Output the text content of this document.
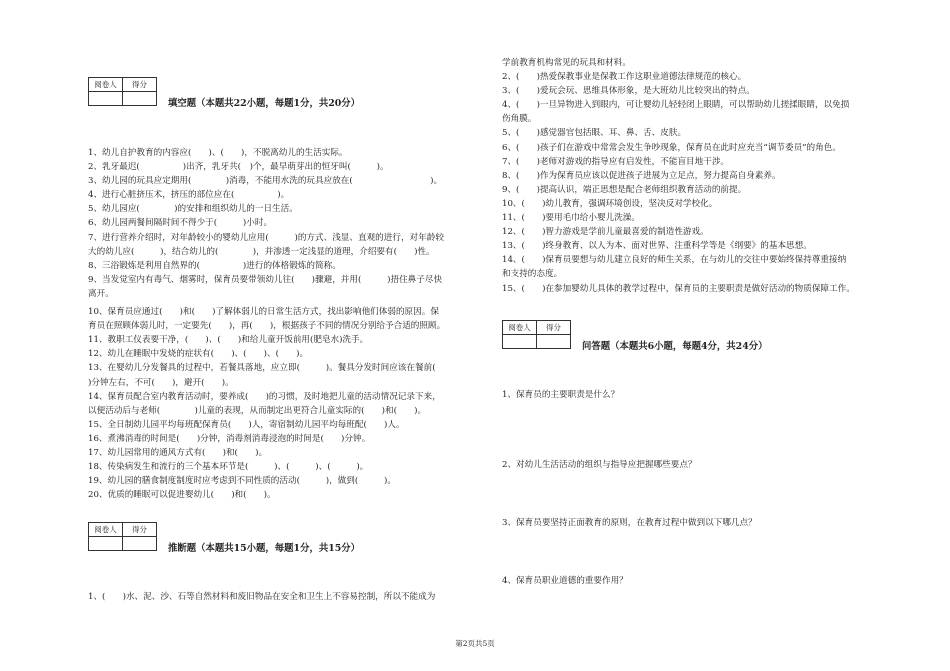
阅卷人	得分

填空题（本题共22小题，每题1分，共20分）
1、幼儿自护教育的内容应(　　)、(　　)，不脱离幼儿的生活实际。
2、乳牙最迟(　　　　　)出齐，乳牙共(　)个，最早萌芽出的恒牙叫(　　　)。
3、幼儿园的玩具应定期用(　　　　)消毒，不能用水洗的玩具应放在(　　　　　　　　　)。
4、进行心脏挤压术，挤压的部位应在(　　　　　)。
5、幼儿园应(　　　　)的安排和组织幼儿的一日生活。
6、幼儿园两餐间隔时间不得少于(　　　)小时。
7、进行营养介绍时，对年龄较小的婴幼儿应用(　　　)的方式、浅显、直观的进行，对年龄较
大的幼儿应(　　　)，结合幼儿的(　　　　)，并渗透一定浅显的道理，介绍要有(　　)性。
8、三浴锻炼是利用自然界的(　　　　　)进行的体格锻炼的简称。
9、当发觉室内有毒气、烟雾时，保育员要带领幼儿往(　　)骤避，并用(　　　)捂住鼻子尽快
离开。
10、保育员应通过(　　)和(　　)了解体弱儿的日常生活方式，找出影响他们体弱的原因。保
育员在照顾体弱儿时，一定要先(　　)，再(　　)，根据孩子不同的情况分别给予合适的照顾。
11、教职工仪表要干净，(　　)、(　　)和给儿童开饭前用(肥皂水)洗手。
12、幼儿在睡眠中发烧的症状有(　　)、(　　)、(　　)。
13、在婴幼儿分发餐具的过程中，若餐具落地，应立即(　　　)。餐具分发时间应该在餐前(　　
)分钟左右，不可(　　)，避开(　　)。
14、保育员配合室内教育活动时，要养成(　　)的习惯，及时地把儿童的活动情况记录下来，
以便活动后与老师(　　　　)儿童的表现，从而制定出更符合儿童实际的(　　)和(　　)。
15、全日制幼儿园平均每班配保育员(　　)人，寄宿制幼儿园平均每班配(　　)人。
16、煮沸消毒的时间是(　　)分钟，消毒剂消毒浸泡的时间是(　　)分钟。
17、幼儿园常用的通风方式有(　　)和(　　)。
18、传染病发生和流行的三个基本环节是(　　　)、(　　　)、(　　　)。
19、幼儿园的膳食制度制度时应考虑到不同性质的活动(　　　)，做到(　　　)。
20、优质的睡眠可以促进婴幼儿(　　)和(　　)。
阅卷人	得分

推断题（本题共15小题，每题1分，共15分）
1、(　　)水、泥、沙、石等自然材料和废旧物品在安全和卫生上不容易控制，所以不能成为
学前教育机构常见的玩具和材料。
2、(　　)热爱保教事业是保教工作这职业道德法律规范的核心。
3、(　　)爱玩会玩、思维具体形象，是大班幼儿比较突出的特点。
4、(　　)一旦异物进入到眼内，可让婴幼儿轻轻闭上眼睛，可以帮助幼儿搓揉眼睛，以免损
伤角膜。
5、(　　)感觉器官包括眼、耳、鼻、舌、皮肤。
6、(　　)孩子们在游戏中常常会发生争吵现象，保育员在此时应充当“调节委员”的角色。
7、(　　)老师对游戏的指导应有启发性，不能盲目地干涉。
8、(　　)作为保育员应该以促进孩子进展为立足点，努力提高自身素养。
9、(　　)提高认识，端正思想是配合老师组织教育活动的前提。
10、(　　)幼儿教育，强调环境创设，坚决反对学校化。
11、(　　)要用毛巾给小婴儿洗澡。
12、(　　)智力游戏是学前儿童最喜爱的制造性游戏。
13、(　　)终身教育、以人为本、面对世界、注重科学等是《纲要》的基本思想。
14、(　　)保育员要想与幼儿建立良好的师生关系，在与幼儿的交往中要始终保持尊重接纳
和支持的态度。
15、(　　)在参加婴幼儿具体的教学过程中，保育员的主要职责是做好活动的物质保障工作。
阅卷人	得分

问答题（本题共6小题，每题4分，共24分）
1、保育员的主要职责是什么？
2、对幼儿生活活动的组织与指导应把握哪些要点？
3、保育员要坚持正面教育的原则，在教育过程中做到以下哪几点？
4、保育员职业道德的重要作用？
第2页共5页
